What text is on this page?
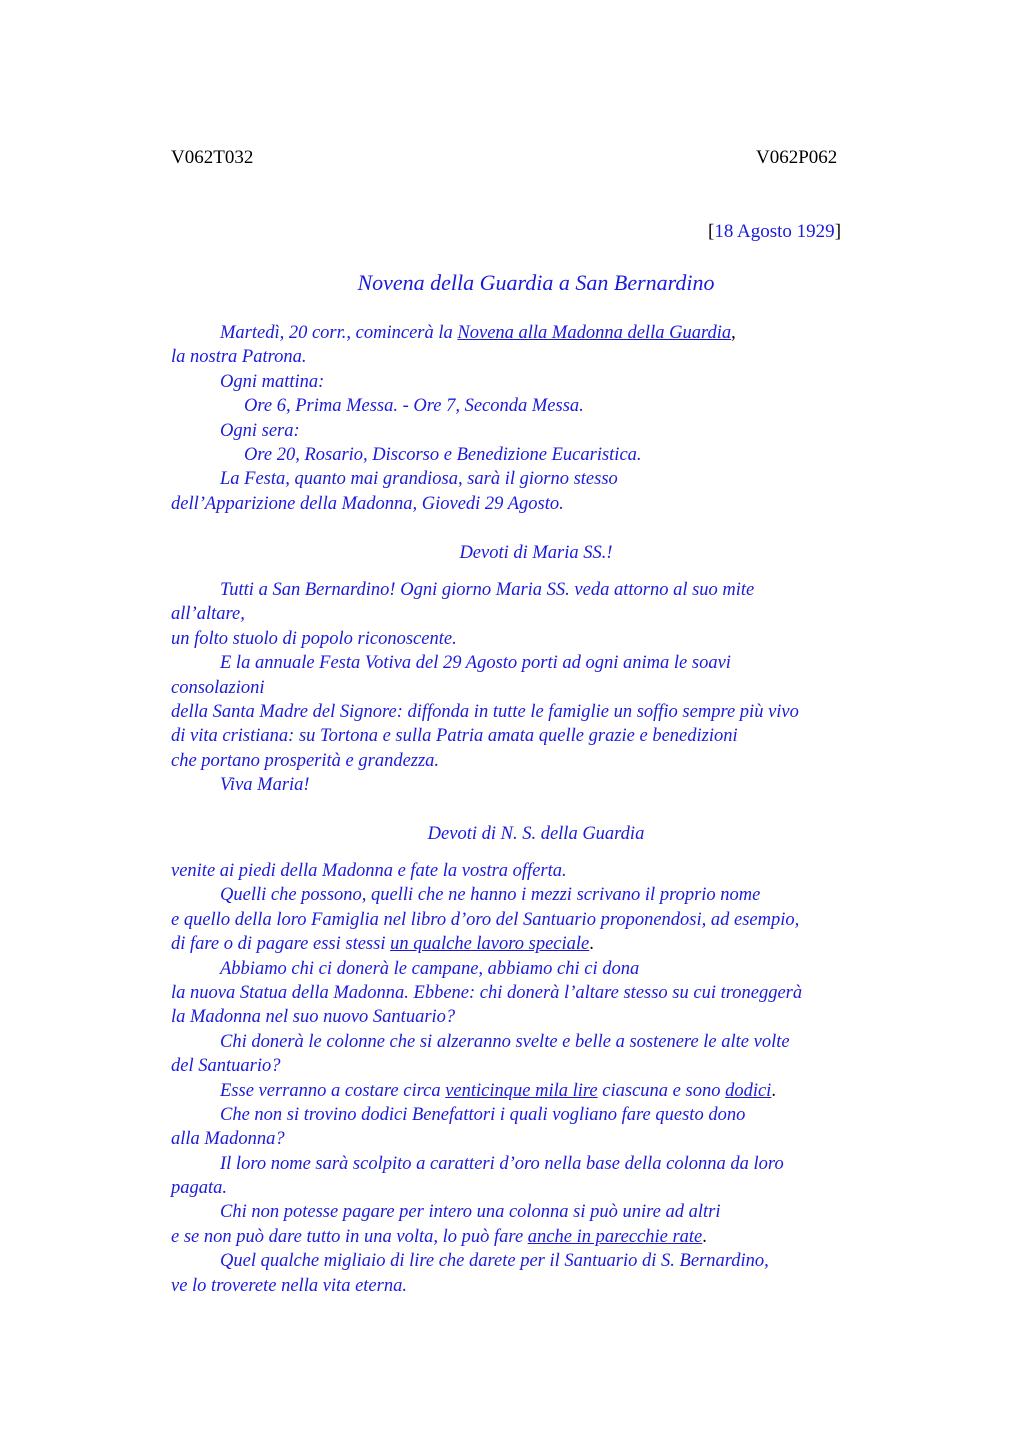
V062T032	V062P062
[18 Agosto 1929]
Novena della Guardia a San Bernardino
Martedì, 20 corr., comincerà la Novena alla Madonna della Guardia,
la nostra Patrona.
Ogni mattina:
Ore 6, Prima Messa. - Ore 7, Seconda Messa.
Ogni sera:
Ore 20, Rosario, Discorso e Benedizione Eucaristica.
La Festa, quanto mai grandiosa, sarà il giorno stesso
dell’Apparizione della Madonna, Giovedi 29 Agosto.
Devoti di Maria SS.!
Tutti a San Bernardino! Ogni giorno Maria SS. veda attorno al suo mite
all’altare,
un folto stuolo di popolo riconoscente.
E la annuale Festa Votiva del 29 Agosto porti ad ogni anima le soavi
consolazioni
della Santa Madre del Signore: diffonda in tutte le famiglie un soffio sempre più vivo
di vita cristiana: su Tortona e sulla Patria amata quelle grazie e benedizioni
che portano prosperità e grandezza.
Viva Maria!
Devoti di N. S. della Guardia
venite ai piedi della Madonna e fate la vostra offerta.
Quelli che possono, quelli che ne hanno i mezzi scrivano il proprio nome
e quello della loro Famiglia nel libro d’oro del Santuario proponendosi, ad esempio,
di fare o di pagare essi stessi un qualche lavoro speciale.
Abbiamo chi ci donerà le campane, abbiamo chi ci dona
la nuova Statua della Madonna. Ebbene: chi donerà l’altare stesso su cui troneggerà
la Madonna nel suo nuovo Santuario?
Chi donerà le colonne che si alzeranno svelte e belle a sostenere le alte volte
del Santuario?
Esse verranno a costare circa venticinque mila lire ciascuna e sono dodici.
Che non si trovino dodici Benefattori i quali vogliano fare questo dono
alla Madonna?
Il loro nome sarà scolpito a caratteri d’oro nella base della colonna da loro
pagata.
Chi non potesse pagare per intero una colonna si può unire ad altri
e se non può dare tutto in una volta, lo può fare anche in parecchie rate.
Quel qualche migliaio di lire che darete per il Santuario di S. Bernardino,
ve lo troverete nella vita eterna.
